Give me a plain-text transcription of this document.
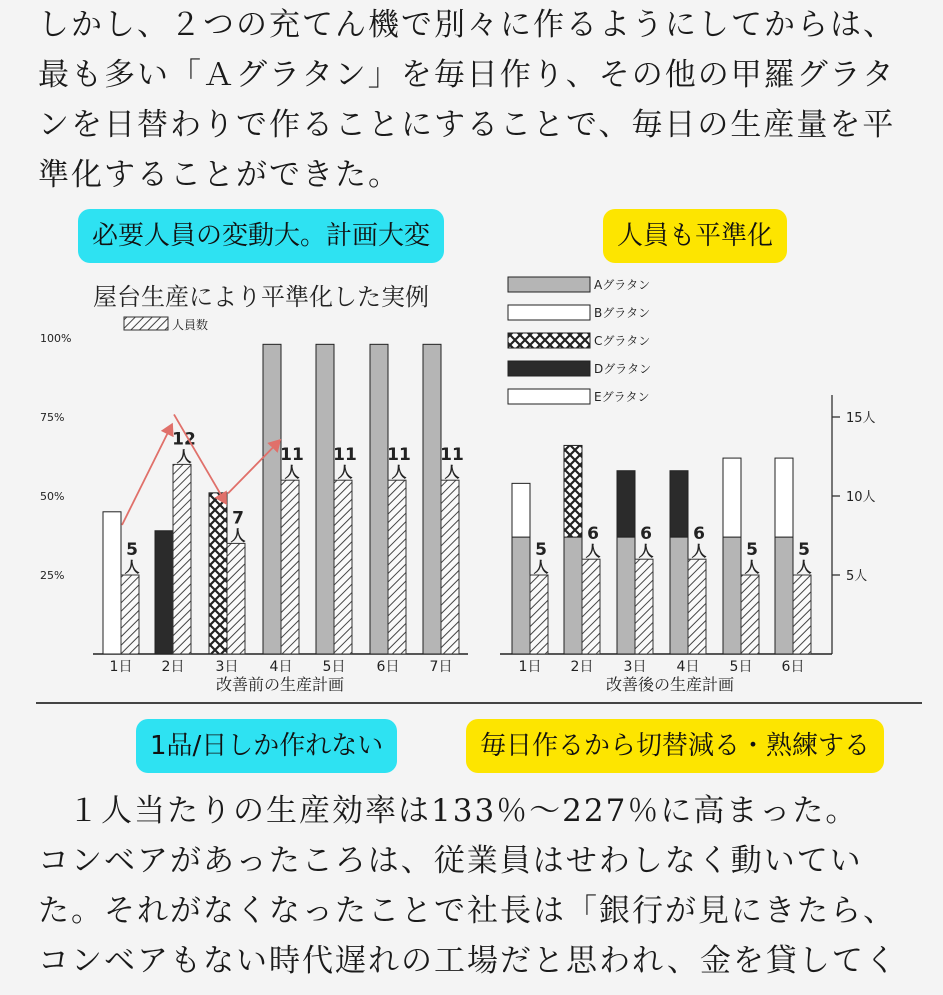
しかし、２つの充てん機で別々に作るようにしてからは、
最も多い「Ａグラタン」を毎日作り、その他の甲羅グラタ
ンを日替わりで作ることにすることで、毎日の生産量を平
準化することができた。
必要人員の変動大。計画大変	人員も平準化
屋台生産により平準化した実例
人員数
Aグラタン
Bグラタン
Cグラタン
Dグラタン
Eグラタン
25%
50%
75%
100%
5人
10人
15人
5
人
12
人
7
人
11
人
11
人
11
人
11
人
5
人
6
人
6
人
6
人 5
人
5
人
1日 2日 3日 4日 5日 6日 7日
改善前の生産計画
1日 2日 3日 4日 5日 6日
改善後の生産計画
1品/日しか作れない	毎日作るから切替減る・熟練する

１人当たりの生産効率は133％～227％に高まった。

コンベアがあったころは、従業員はせわしなく動いてい
た。それがなくなったことで社長は「銀行が見にきたら、
コンベアもない時代遅れの工場だと思われ、金を貸してく
